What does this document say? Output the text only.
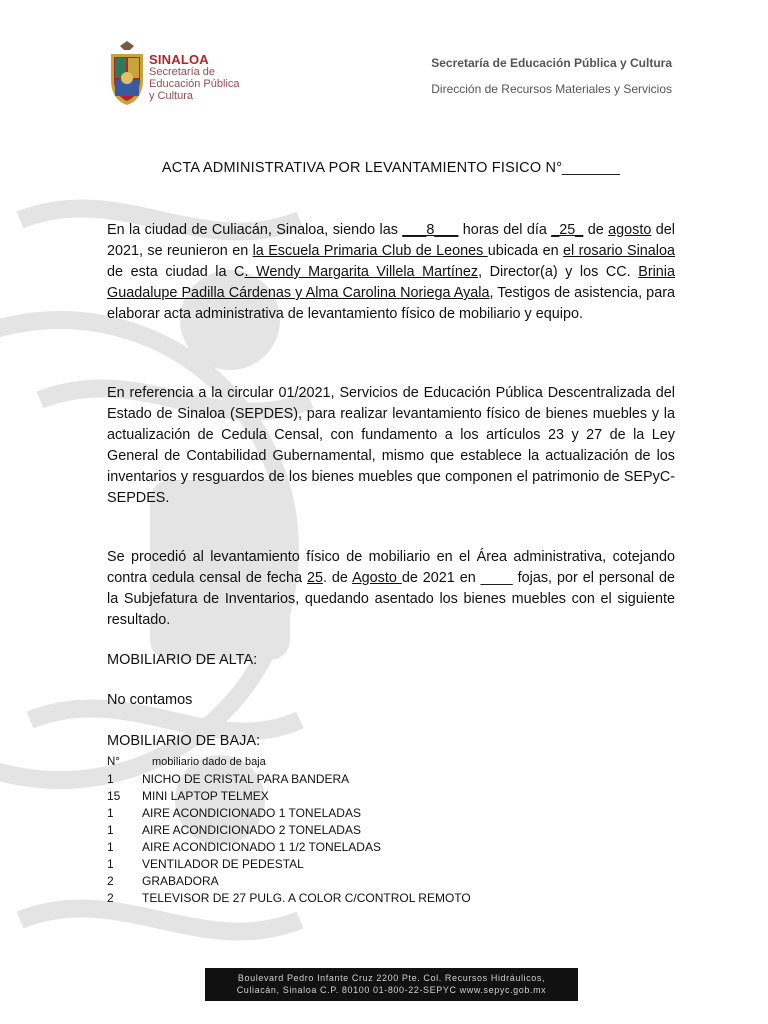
SINALOA
Secretaría de
Educación Pública
y Cultura
Secretaría de Educación Pública y Cultura
Dirección de Recursos Materiales y Servicios
ACTA ADMINISTRATIVA POR LEVANTAMIENTO FISICO N°_______
En la ciudad de Culiacán, Sinaloa, siendo las ___8___ horas del día _25_ de agosto del 2021, se reunieron en la Escuela Primaria Club de Leones ubicada en el rosario Sinaloa de esta ciudad la C. Wendy Margarita Villela Martínez, Director(a) y los CC. Brinia Guadalupe Padilla Cárdenas y Alma Carolina Noriega Ayala, Testigos de asistencia, para elaborar acta administrativa de levantamiento físico de mobiliario y equipo.
En referencia a la circular 01/2021, Servicios de Educación Pública Descentralizada del Estado de Sinaloa (SEPDES), para realizar levantamiento físico de bienes muebles y la actualización de Cedula Censal, con fundamento a los artículos 23 y 27 de la Ley General de Contabilidad Gubernamental, mismo que establece la actualización de los inventarios y resguardos de los bienes muebles que componen el patrimonio de SEPyC-SEPDES.
Se procedió al levantamiento físico de mobiliario en el Área administrativa, cotejando contra cedula censal de fecha 25. de Agosto de 2021 en ____ fojas, por el personal de la Subjefatura de Inventarios, quedando asentado los bienes muebles con el siguiente resultado.
MOBILIARIO DE ALTA:
No contamos
MOBILIARIO DE BAJA:
N°	mobiliario dado de baja
1	NICHO DE CRISTAL PARA BANDERA
15	MINI LAPTOP TELMEX
1	AIRE ACONDICIONADO 1 TONELADAS
1	AIRE ACONDICIONADO 2 TONELADAS
1	AIRE ACONDICIONADO 1 1/2 TONELADAS
1	VENTILADOR DE PEDESTAL
2	GRABADORA
2	TELEVISOR DE 27 PULG. A COLOR C/CONTROL REMOTO
Boulevard Pedro Infante Cruz 2200 Pte. Col. Recursos Hidráulicos,
Culiacán, Sinaloa C.P. 80100 01-800-22-SEPYC www.sepyc.gob.mx
